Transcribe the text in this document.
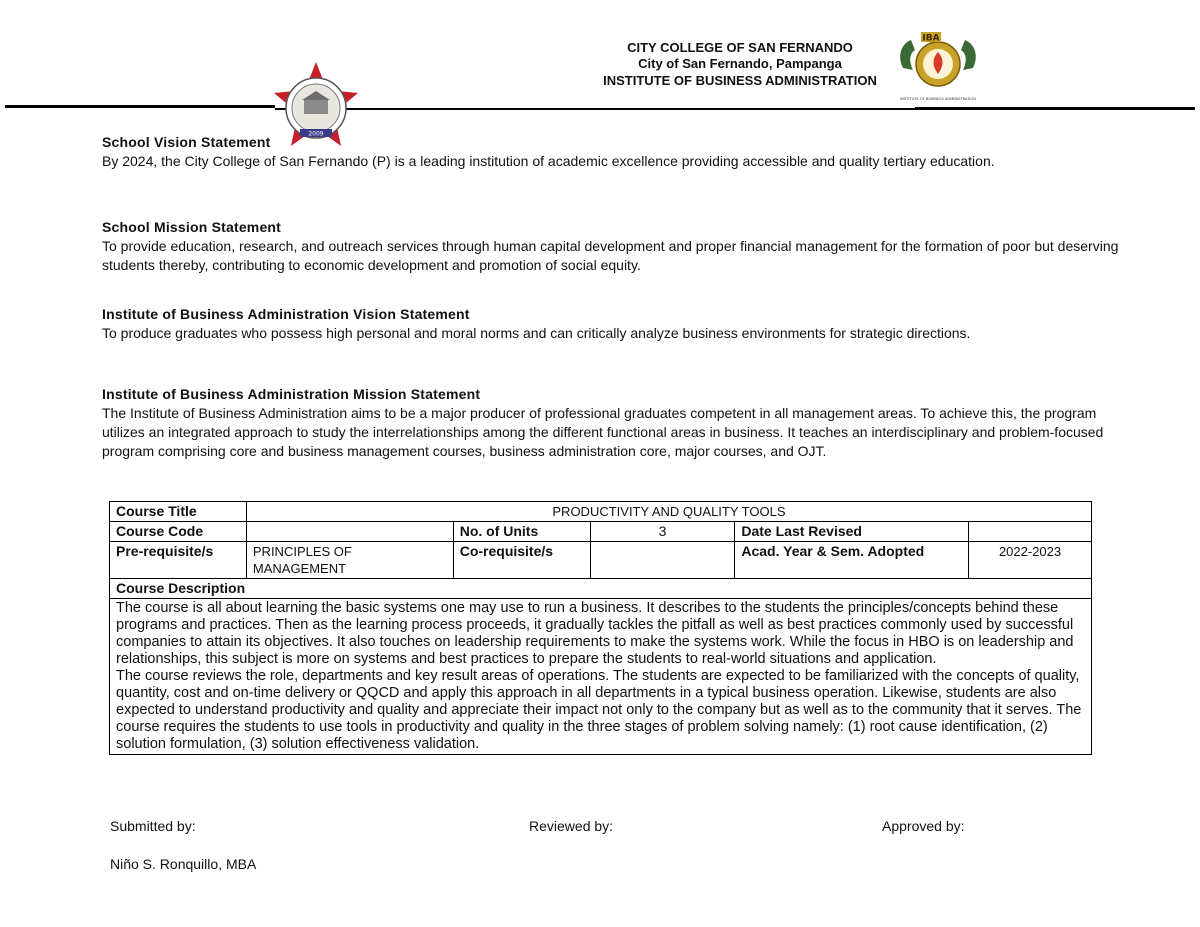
CITY COLLEGE OF SAN FERNANDO
City of San Fernando, Pampanga
INSTITUTE OF BUSINESS ADMINISTRATION
2009
IBA
INSTITUTE OF BUSINESS ADMINISTRATION
School Vision Statement

By 2024, the City College of San Fernando (P) is a leading institution of academic excellence providing accessible and quality tertiary education.

School Mission Statement

To provide education, research, and outreach services through human capital development and proper financial management for the formation of poor but deserving students thereby, contributing to economic development and promotion of social equity.

Institute of Business Administration Vision Statement

To produce graduates who possess high personal and moral norms and can critically analyze business environments for strategic directions.

Institute of Business Administration Mission Statement

The Institute of Business Administration aims to be a major producer of professional graduates competent in all management areas. To achieve this, the program utilizes an integrated approach to study the interrelationships among the different functional areas in business. It teaches an interdisciplinary and problem-focused program comprising core and business management courses, business administration core, major courses, and OJT.

Course Title	PRODUCTIVITY AND QUALITY TOOLS				
Course Code		No. of Units	3	Date Last Revised	
Pre-requisite/s	PRINCIPLES OF MANAGEMENT	Co-requisite/s		Acad. Year & Sem. Adopted	2022-2023
Course Description					

The course is all about learning the basic systems one may use to run a business. It describes to the students the principles/concepts behind these programs and practices. Then as the learning process proceeds, it gradually tackles the pitfall as well as best practices commonly used by successful companies to attain its objectives. It also touches on leadership requirements to make the systems work. While the focus in HBO is on leadership and relationships, this subject is more on systems and best practices to prepare the students to real-world situations and application.

The course reviews the role, departments and key result areas of operations. The students are expected to be familiarized with the concepts of quality, quantity, cost and on-time delivery or QQCD and apply this approach in all departments in a typical business operation. Likewise, students are also expected to understand productivity and quality and appreciate their impact not only to the company but as well as to the community that it serves. The course requires the students to use tools in productivity and quality in the three stages of problem solving namely: (1) root cause identification, (2) solution formulation, (3) solution effectiveness validation.					

Submitted by:	Reviewed by:	Approved by:
Niño S. Ronquillo, MBA
